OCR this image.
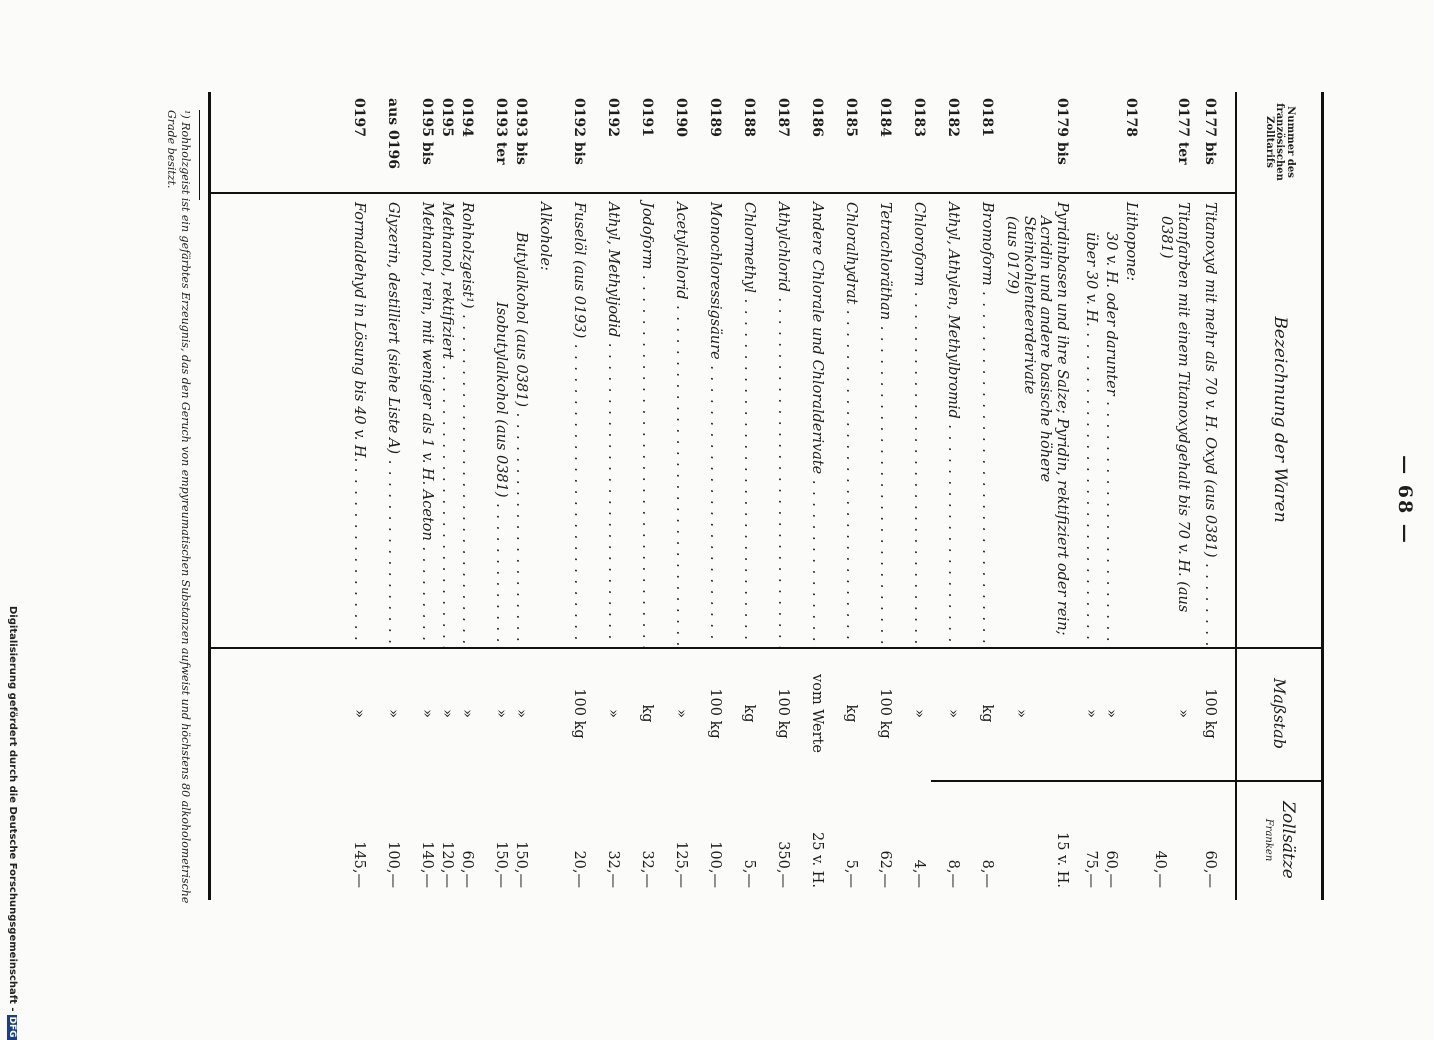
— 68 —
Nummer des französischen Zolltarifs
Bezeichnung der Waren
Maßstab
Zollsätze
Franken
0177 bis
Titanoxyd mit mehr als 70 v. H. Oxyd (aus 0381) . . .
100 kg
60,—
0177 ter
Titanfarben mit einem Titanoxydgehalt bis 70 v. H. (aus
0381)
»
40,—
0178
Lithopone:
30 v. H. oder darunter . . .
»
60,—
über 30 v. H. . . .
»
75,—
0179 bis
Pyridinbasen und ihre Salze; Pyridin, rektifiziert oder rein;
Acridin und andere basische höhere Steinkohlenteerderivate
(aus 0179)
»
15 v. H.
0181
Bromoform . . .
kg
8,—
0182
Äthyl, Äthylen, Methylbromid . . .
»
8,—
0183
Chloroform . . .
»
4,—
0184
Tetrachloräthan . . .
100 kg
62,—
0185
Chloralhydrat . . .
kg
5,—
0186
Andere Chlorale und Chloralderivate . . .
vom Werte
25 v. H.
0187
Äthylchlorid . . .
100 kg
350,—
0188
Chlormethyl . . .
kg
5,—
0189
Monochloressigsäure . . .
100 kg
100,—
0190
Acetylchlorid . . .
»
125,—
0191
Jodoform . . .
kg
32,—
0192
Äthyl, Methyljodid . . .
»
32,—
0192 bis
Fuselöl (aus 0193) . . .
100 kg
20,—
Alkohole:
0193 bis
Butylalkohol (aus 0381) . . .
»
150,—
0193 ter
Isobutylalkohol (aus 0381) . . .
»
150,—
0194
Rohholzgeist¹) . . .
»
60,—
0195
Methanol, rektifiziert . . .
»
120,—
0195 bis
Methanol, rein, mit weniger als 1 v. H. Aceton . . .
»
140,—
aus 0196
Glyzerin, destilliert (siehe Liste A) . . .
»
100,—
0197
Formaldehyd in Lösung bis 40 v. H. . . .
»
145,—
¹) Rohholzgeist ist ein gefärbtes Erzeugnis, das den Geruch von empyreumatischen Substanzen aufweist und höchstens 80 alkoholometrische Grade besitzt.
Digitalisierung gefördert durch die Deutsche Forschungsgemeinschaft -DFG
